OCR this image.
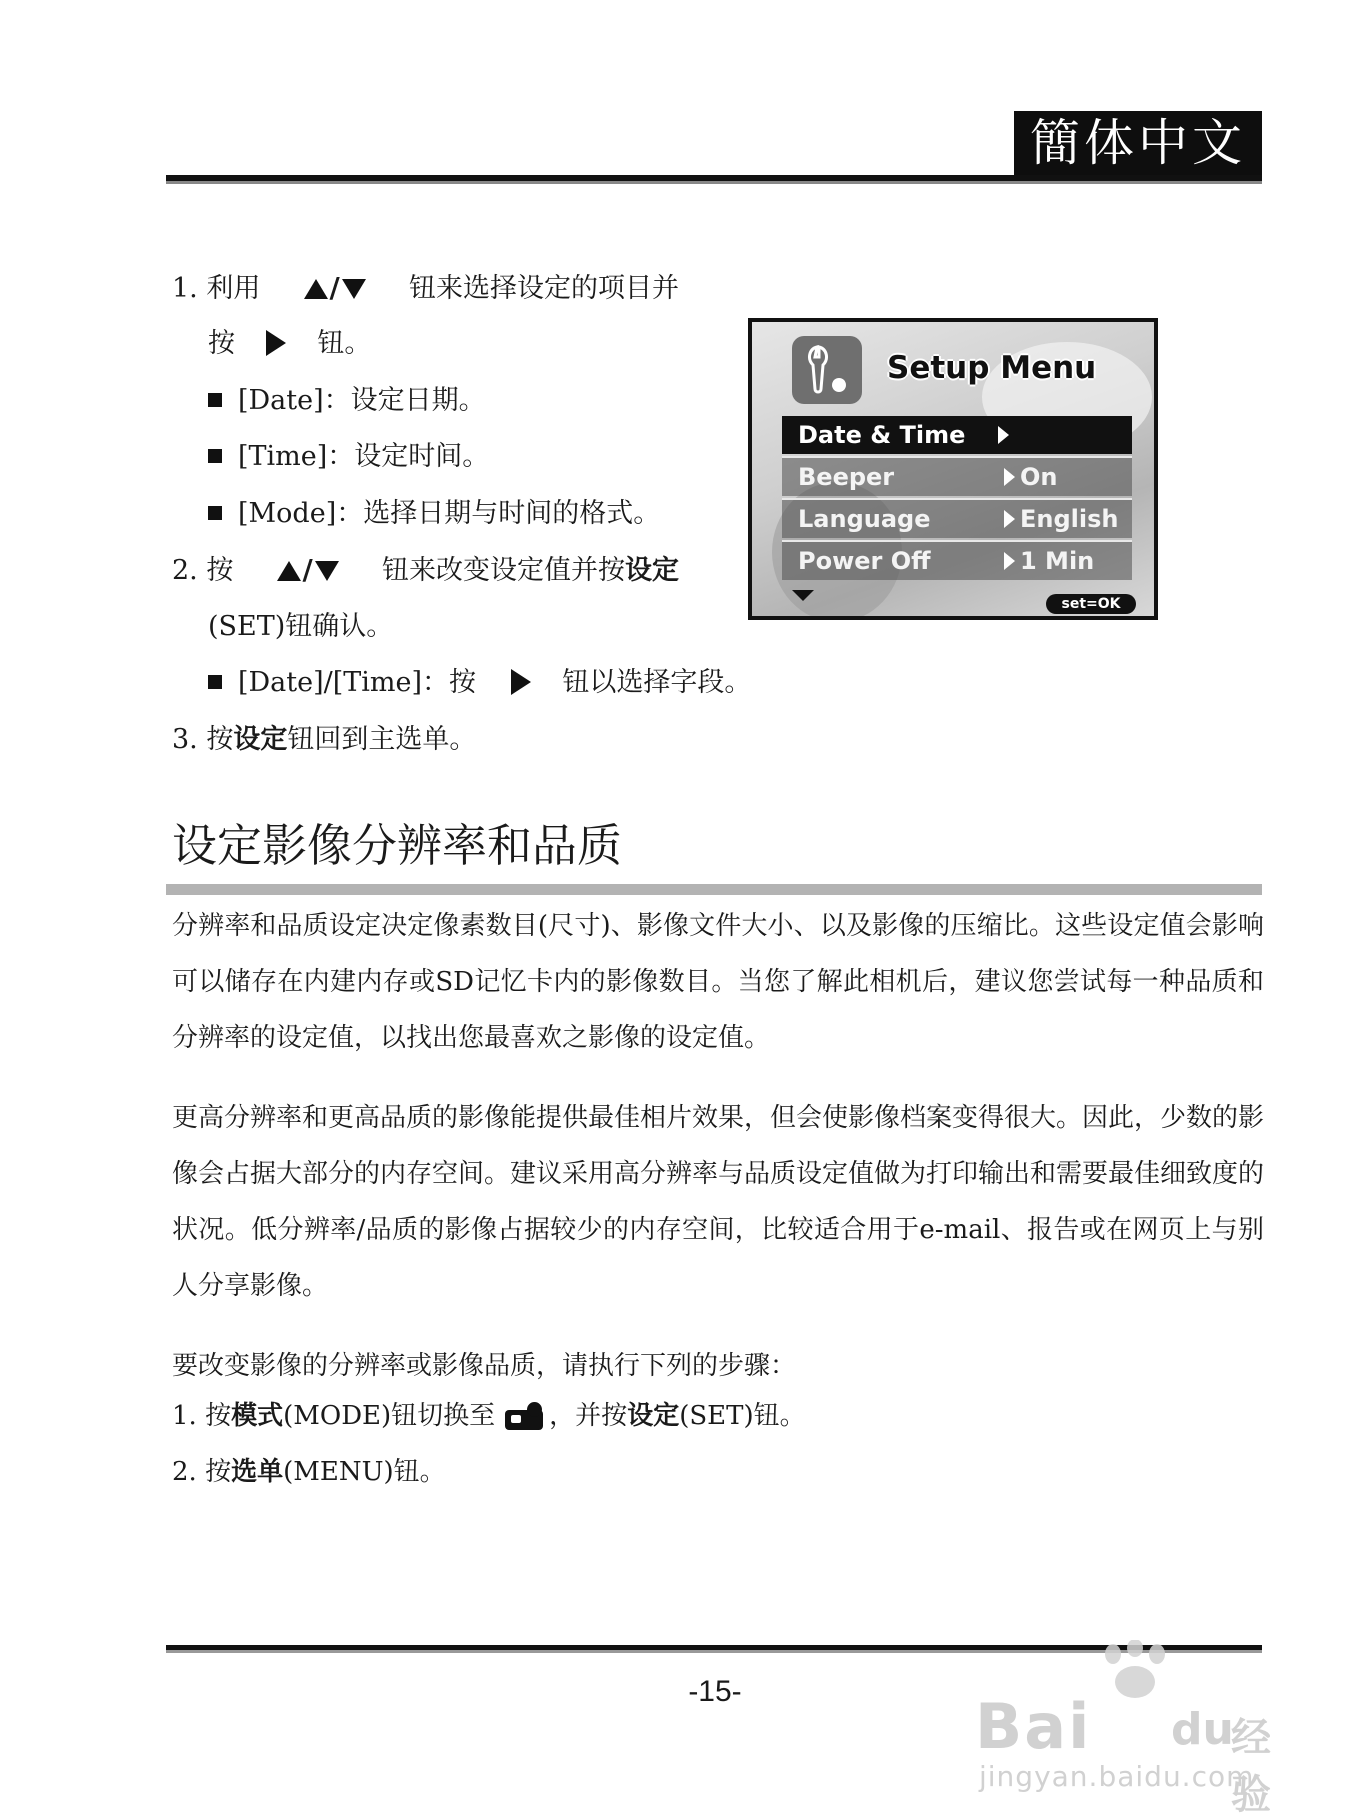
簡体中文
1. 利用 /	钮来选择设定的项目并
按	钮。
[Date]：设定日期。
[Time]：设定时间。
[Mode]：选择日期与时间的格式。
2. 按 /	钮来改变设定值并按设定
(SET)钮确认。
[Date]/[Time]：按	钮以选择字段。
3. 按设定钮回到主选单。
Setup Menu
Date & Time
Beeper	On
Language	English
Power Off	1 Min
set=OK
设定影像分辨率和品质
分辨率和品质设定决定像素数目(尺寸)、影像文件大小、以及影像的压缩比。这些设定值会影响可以储存在内建内存或SD记忆卡内的影像数目。当您了解此相机后，建议您尝试每一种品质和分辨率的设定值，以找出您最喜欢之影像的设定值。
更高分辨率和更高品质的影像能提供最佳相片效果，但会使影像档案变得很大。因此，少数的影像会占据大部分的内存空间。建议采用高分辨率与品质设定值做为打印输出和需要最佳细致度的状况。低分辨率/品质的影像占据较少的内存空间，比较适合用于e-mail、报告或在网页上与别人分享影像。
要改变影像的分辨率或影像品质，请执行下列的步骤：
1. 按模式(MODE)钮切换至 ，并按设定(SET)钮。
2. 按选单(MENU)钮。
-15-	Bai du
经验
jingyan.baidu.com
